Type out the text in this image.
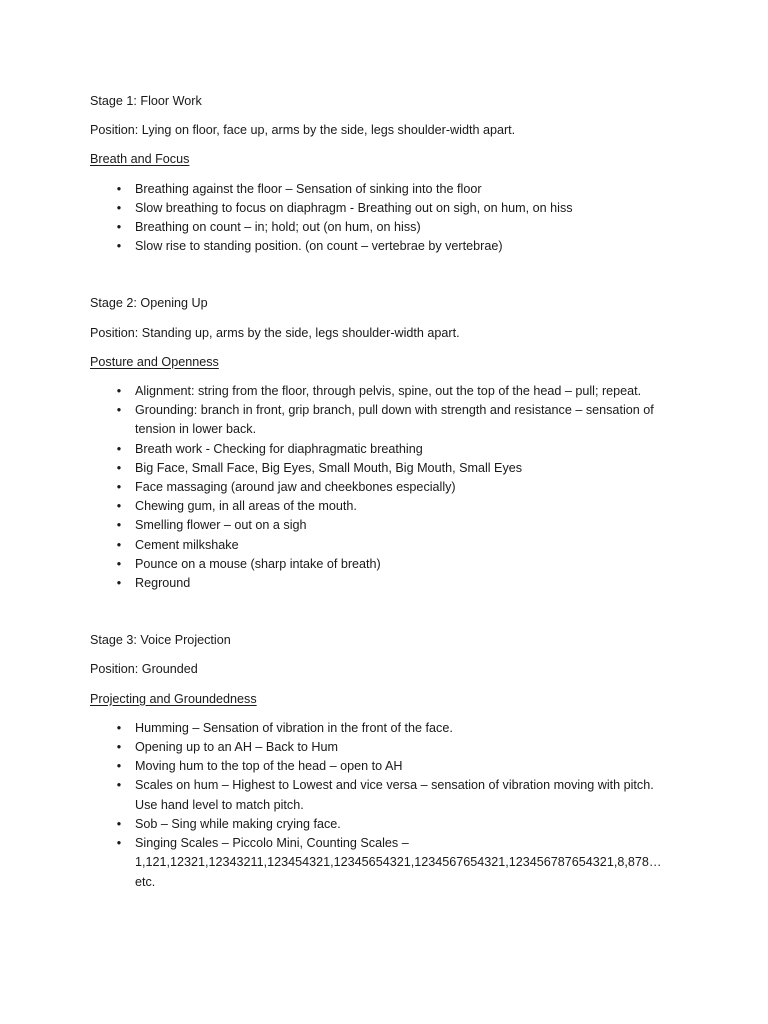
Stage 1: Floor Work

Position: Lying on floor, face up, arms by the side, legs shoulder-width apart.

Breath and Focus

• Breathing against the floor – Sensation of sinking into the floor
• Slow breathing to focus on diaphragm - Breathing out on sigh, on hum, on hiss
• Breathing on count – in; hold; out (on hum, on hiss)
• Slow rise to standing position. (on count – vertebrae by vertebrae)

Stage 2: Opening Up

Position: Standing up, arms by the side, legs shoulder-width apart.

Posture and Openness

• Alignment: string from the floor, through pelvis, spine, out the top of the head – pull; repeat.
• Grounding: branch in front, grip branch, pull down with strength and resistance – sensation of
tension in lower back.
• Breath work - Checking for diaphragmatic breathing
• Big Face, Small Face, Big Eyes, Small Mouth, Big Mouth, Small Eyes
• Face massaging (around jaw and cheekbones especially)
• Chewing gum, in all areas of the mouth.
• Smelling flower – out on a sigh
• Cement milkshake
• Pounce on a mouse (sharp intake of breath)
• Reground

Stage 3: Voice Projection

Position: Grounded

Projecting and Groundedness

• Humming – Sensation of vibration in the front of the face.
• Opening up to an AH – Back to Hum
• Moving hum to the top of the head – open to AH
• Scales on hum – Highest to Lowest and vice versa – sensation of vibration moving with pitch.
Use hand level to match pitch.
• Sob – Sing while making crying face.
• Singing Scales – Piccolo Mini, Counting Scales –
1,121,12321,12343211,123454321,12345654321,1234567654321,123456787654321,8,878…
etc.
